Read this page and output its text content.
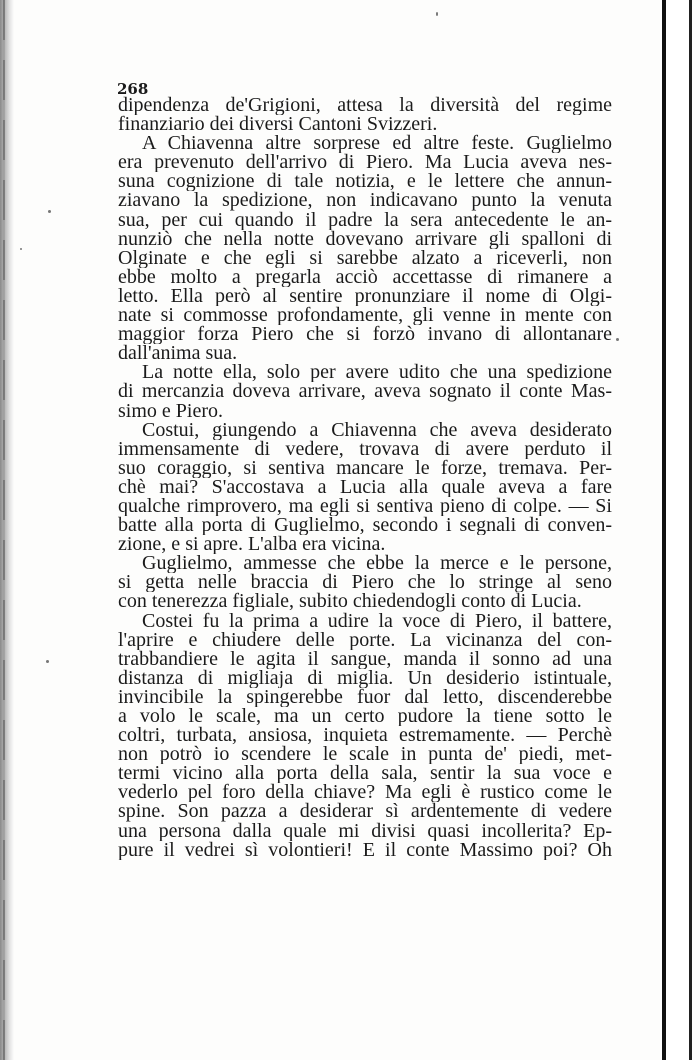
268
dipendenza de'Grigioni, attesa la diversità del regime
finanziario dei diversi Cantoni Svizzeri.
A Chiavenna altre sorprese ed altre feste. Guglielmo
era prevenuto dell'arrivo di Piero. Ma Lucia aveva nes-
suna cognizione di tale notizia, e le lettere che annun-
ziavano la spedizione, non indicavano punto la venuta
sua, per cui quando il padre la sera antecedente le an-
nunziò che nella notte dovevano arrivare gli spalloni di
Olginate e che egli si sarebbe alzato a riceverli, non
ebbe molto a pregarla acciò accettasse di rimanere a
letto. Ella però al sentire pronunziare il nome di Olgi-
nate si commosse profondamente, gli venne in mente con
maggior forza Piero che si forzò invano di allontanare
dall'anima sua.
La notte ella, solo per avere udito che una spedizione
di mercanzia doveva arrivare, aveva sognato il conte Mas-
simo e Piero.
Costui, giungendo a Chiavenna che aveva desiderato
immensamente di vedere, trovava di avere perduto il
suo coraggio, si sentiva mancare le forze, tremava. Per-
chè mai? S'accostava a Lucia alla quale aveva a fare
qualche rimprovero, ma egli si sentiva pieno di colpe. — Si
batte alla porta di Guglielmo, secondo i segnali di conven-
zione, e si apre. L'alba era vicina.
Guglielmo, ammesse che ebbe la merce e le persone,
si getta nelle braccia di Piero che lo stringe al seno
con tenerezza figliale, subito chiedendogli conto di Lucia.
Costei fu la prima a udire la voce di Piero, il battere,
l'aprire e chiudere delle porte. La vicinanza del con-
trabbandiere le agita il sangue, manda il sonno ad una
distanza di migliaja di miglia. Un desiderio istintuale,
invincibile la spingerebbe fuor dal letto, discenderebbe
a volo le scale, ma un certo pudore la tiene sotto le
coltri, turbata, ansiosa, inquieta estremamente. — Perchè
non potrò io scendere le scale in punta de' piedi, met-
termi vicino alla porta della sala, sentir la sua voce e
vederlo pel foro della chiave? Ma egli è rustico come le
spine. Son pazza a desiderar sì ardentemente di vedere
una persona dalla quale mi divisi quasi incollerita? Ep-
pure il vedrei sì volontieri! E il conte Massimo poi? Oh
